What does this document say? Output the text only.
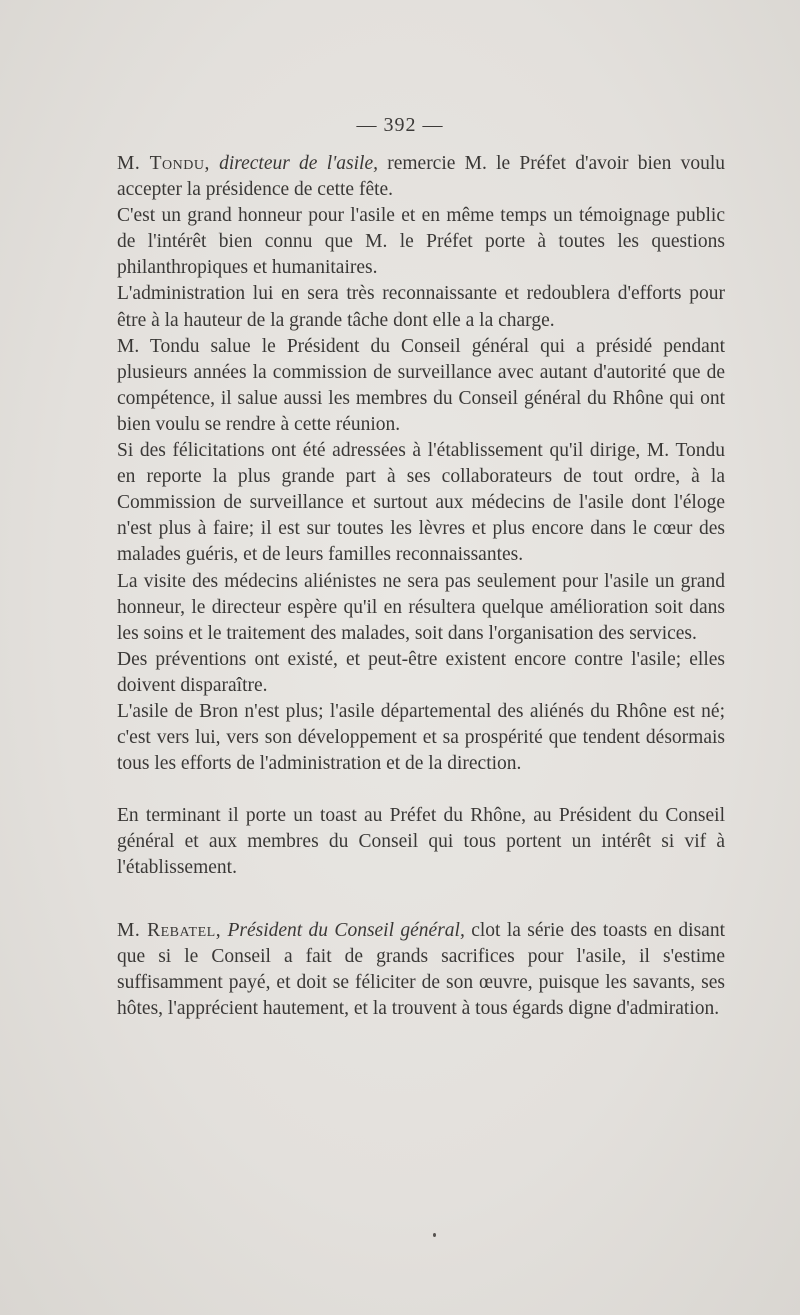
— 392 —

M. Tondu, directeur de l'asile, remercie M. le Préfet d'avoir bien voulu accepter la présidence de cette fête.

C'est un grand honneur pour l'asile et en même temps un témoignage public de l'intérêt bien connu que M. le Préfet porte à toutes les questions philanthropiques et humanitaires.

L'administration lui en sera très reconnaissante et redoublera d'efforts pour être à la hauteur de la grande tâche dont elle a la charge.

M. Tondu salue le Président du Conseil général qui a présidé pendant plusieurs années la commission de surveillance avec autant d'autorité que de compétence, il salue aussi les membres du Conseil général du Rhône qui ont bien voulu se rendre à cette réunion.

Si des félicitations ont été adressées à l'établissement qu'il dirige, M. Tondu en reporte la plus grande part à ses collaborateurs de tout ordre, à la Commission de surveillance et surtout aux médecins de l'asile dont l'éloge n'est plus à faire; il est sur toutes les lèvres et plus encore dans le cœur des malades guéris, et de leurs familles reconnaissantes.

La visite des médecins aliénistes ne sera pas seulement pour l'asile un grand honneur, le directeur espère qu'il en résultera quelque amélioration soit dans les soins et le traitement des malades, soit dans l'organisation des services.

Des préventions ont existé, et peut-être existent encore contre l'asile; elles doivent disparaître.

L'asile de Bron n'est plus; l'asile départemental des aliénés du Rhône est né; c'est vers lui, vers son développement et sa prospérité que tendent désormais tous les efforts de l'administration et de la direction.

En terminant il porte un toast au Préfet du Rhône, au Président du Conseil général et aux membres du Conseil qui tous portent un intérêt si vif à l'établissement.

M. Rebatel, Président du Conseil général, clot la série des toasts en disant que si le Conseil a fait de grands sacrifices pour l'asile, il s'estime suffisamment payé, et doit se féliciter de son œuvre, puisque les savants, ses hôtes, l'apprécient hautement, et la trouvent à tous égards digne d'admiration.
